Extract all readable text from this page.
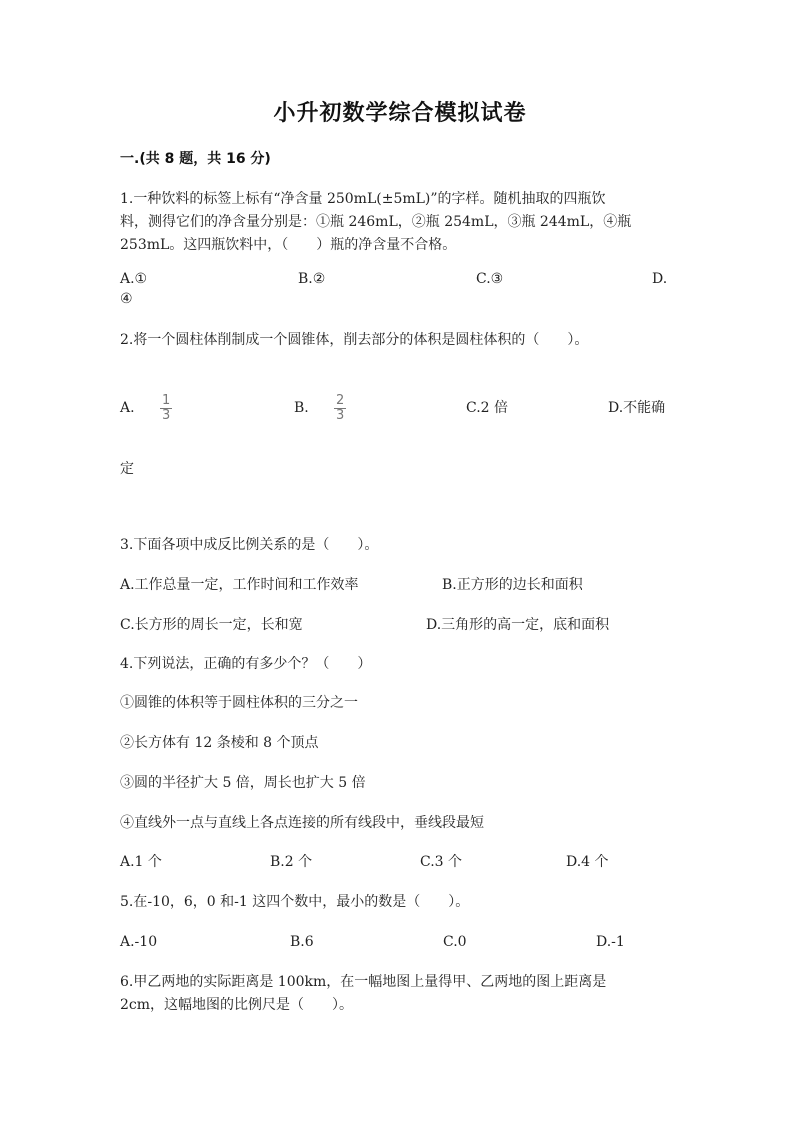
小升初数学综合模拟试卷
一.(共 8 题，共 16 分)
1.一种饮料的标签上标有“净含量 250mL(±5mL)”的字样。随机抽取的四瓶饮
料，测得它们的净含量分别是：①瓶 246mL，②瓶 254mL，③瓶 244mL，④瓶
253mL。这四瓶饮料中，（　　）瓶的净含量不合格。
A.①	B.②	C.③	D.
④
2.将一个圆柱体削制成一个圆锥体，削去部分的体积是圆柱体积的（　　）。
A. $\frac{1}{3}$	B. $\frac{2}{3}$	C.2 倍	D.不能确
定
3.下面各项中成反比例关系的是（　　）。
A.工作总量一定，工作时间和工作效率	B.正方形的边长和面积
C.长方形的周长一定，长和宽	D.三角形的高一定，底和面积
4.下列说法，正确的有多少个？（　　）
①圆锥的体积等于圆柱体积的三分之一
②长方体有 12 条棱和 8 个顶点
③圆的半径扩大 5 倍，周长也扩大 5 倍
④直线外一点与直线上各点连接的所有线段中，垂线段最短
A.1 个	B.2 个	C.3 个	D.4 个
5.在-10，6，0 和-1 这四个数中，最小的数是（　　）。
A.-10	B.6	C.0	D.-1
6.甲乙两地的实际距离是 100km，在一幅地图上量得甲、乙两地的图上距离是
2cm，这幅地图的比例尺是（　　）。
